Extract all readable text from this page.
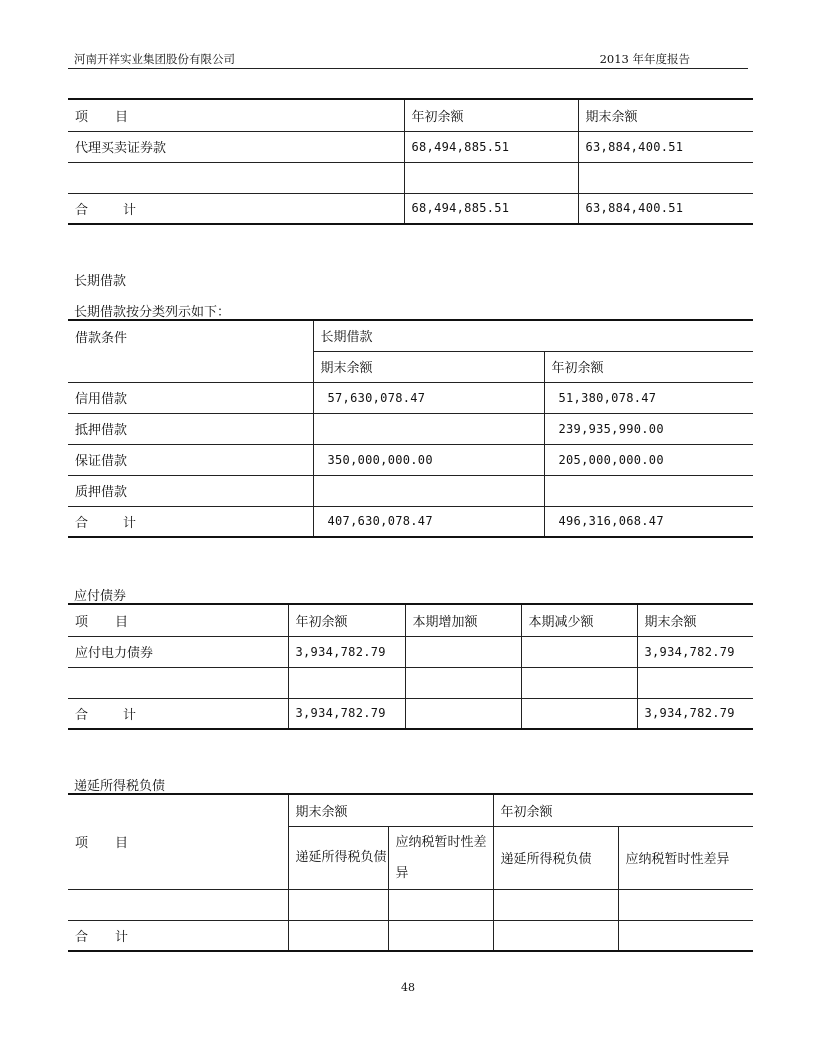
河南开祥实业集团股份有限公司	2013 年年度报告
项 目	年初余额	期末余额
代理买卖证券款	68,494,885.51	63,884,400.51

合 计	68,494,885.51	63,884,400.51
长期借款
长期借款按分类列示如下：
借款条件	长期借款	
	期末余额	年初余额
信用借款	57,630,078.47	51,380,078.47
抵押借款		239,935,990.00
保证借款	350,000,000.00	205,000,000.00
质押借款		
合 计	407,630,078.47	496,316,068.47
应付债券
项 目	年初余额	本期增加额	本期减少额	期末余额
应付电力债券	3,934,782.79			3,934,782.79

合 计	3,934,782.79			3,934,782.79
递延所得税负债
项 目	期末余额		年初余额	
	递延所得税负债	应纳税暂时性差异	递延所得税负债	应纳税暂时性差异

合 计				
48
